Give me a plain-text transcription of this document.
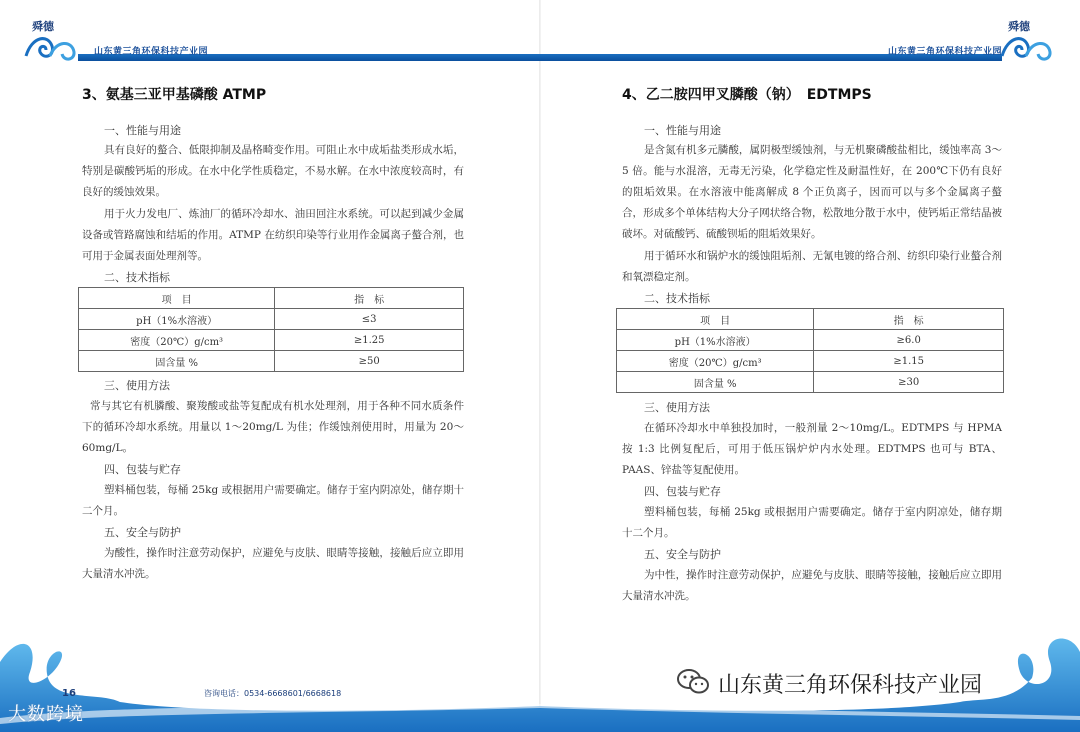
舜德
山东黄三角环保科技产业园
3、氨基三亚甲基磷酸 ATMP
一、性能与用途
具有良好的螯合、低限抑制及晶格畸变作用。可阻止水中成垢盐类形成水垢，特别是碳酸钙垢的形成。在水中化学性质稳定，不易水解。在水中浓度较高时，有良好的缓蚀效果。
用于火力发电厂、炼油厂的循环冷却水、油田回注水系统。可以起到减少金属设备或管路腐蚀和结垢的作用。ATMP 在纺织印染等行业用作金属离子螯合剂，也可用于金属表面处理剂等。
二、技术指标
项　目	指　标
pH（1%水溶液）	≤3
密度（20℃）g/cm³	≥1.25
固含量 %	≥50
三、使用方法
常与其它有机膦酸、聚羧酸或盐等复配成有机水处理剂，用于各种不同水质条件下的循环冷却水系统。用量以 1～20mg/L 为佳；作缓蚀剂使用时，用量为 20～60mg/L。
四、包装与贮存
塑料桶包装，每桶 25kg 或根据用户需要确定。储存于室内阴凉处，储存期十二个月。
五、安全与防护
为酸性，操作时注意劳动保护，应避免与皮肤、眼睛等接触，接触后应立即用大量清水冲洗。
16	咨询电话：0534-6668601/6668618
大数跨境
山东黄三角环保科技产业园
舜德
4、乙二胺四甲叉膦酸（钠）　EDTMPS
一、性能与用途
是含氮有机多元膦酸，属阴极型缓蚀剂，与无机聚磷酸盐相比，缓蚀率高 3～5 倍。能与水混溶，无毒无污染，化学稳定性及耐温性好，在 200℃下仍有良好的阻垢效果。在水溶液中能离解成 8 个正负离子，因而可以与多个金属离子螯合，形成多个单体结构大分子网状络合物，松散地分散于水中，使钙垢正常结晶被破坏。对硫酸钙、硫酸钡垢的阻垢效果好。
用于循环水和锅炉水的缓蚀阻垢剂、无氰电镀的络合剂、纺织印染行业螯合剂和氧漂稳定剂。
二、技术指标
项　目	指　标
pH（1%水溶液）	≥6.0
密度（20℃）g/cm³	≥1.15
固含量 %	≥30
三、使用方法
在循环冷却水中单独投加时，一般剂量 2～10mg/L。EDTMPS 与 HPMA 按 1:3 比例复配后，可用于低压锅炉炉内水处理。EDTMPS 也可与 BTA、PAAS、锌盐等复配使用。
四、包装与贮存
塑料桶包装，每桶 25kg 或根据用户需要确定。储存于室内阴凉处，储存期十二个月。
五、安全与防护
为中性，操作时注意劳动保护，应避免与皮肤、眼睛等接触，接触后应立即用大量清水冲洗。
山东黄三角环保科技产业园
